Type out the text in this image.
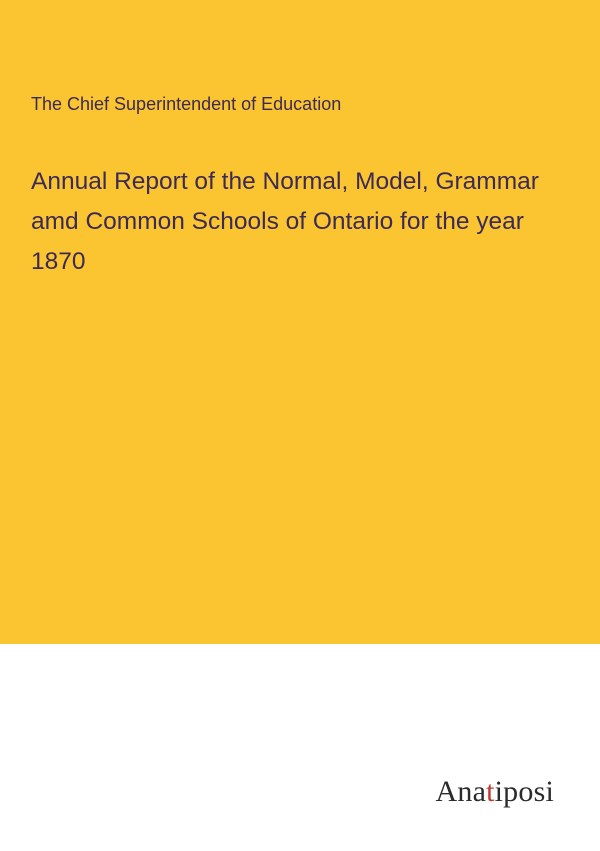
The Chief Superintendent of Education
Annual Report of the Normal, Model, Grammar amd Common Schools of Ontario for the year 1870
Anatiposi
